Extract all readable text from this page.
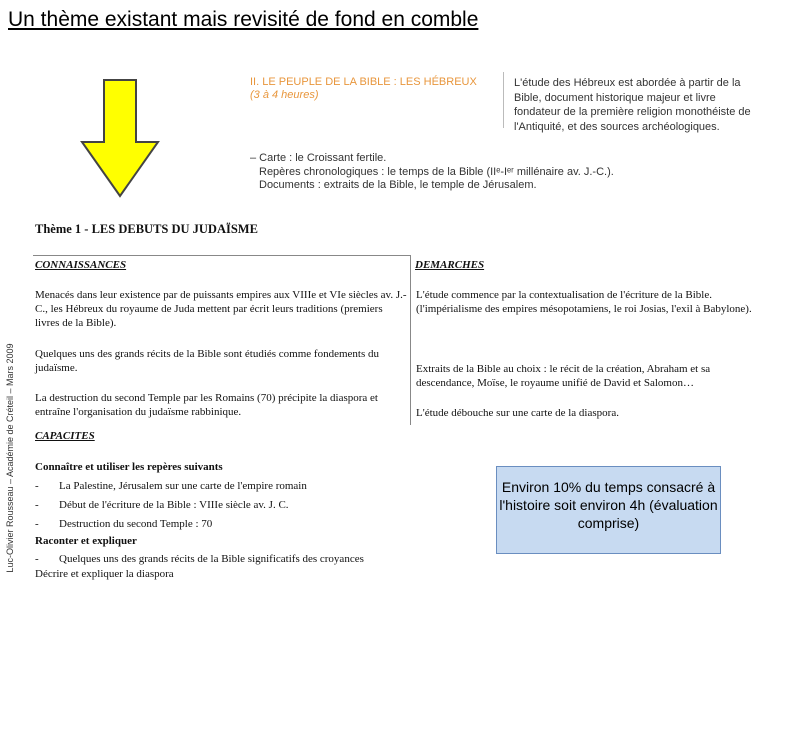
Un thème existant mais revisité de fond en comble
Luc-Olivier Rousseau – Académie de Créteil – Mars 2009
II. LE PEUPLE DE LA BIBLE : LES HÉBREUX
(3 à 4 heures)
L'étude des Hébreux est abordée à partir de la Bible, document historique majeur et livre fondateur de la première religion monothéiste de l'Antiquité, et des sources archéologiques.
– Carte : le Croissant fertile.
Repères chronologiques : le temps de la Bible (IIᵉ-Iᵉʳ millénaire av. J.-C.).
Documents : extraits de la Bible, le temple de Jérusalem.
Thème 1 - LES DEBUTS DU JUDAÏSME
CONNAISSANCES	DEMARCHES
Menacés dans leur existence par de puissants empires aux VIIIe et VIe siècles av. J.-C., les Hébreux du royaume de Juda mettent par écrit leurs traditions (premiers livres de la Bible).
Quelques uns des grands récits de la Bible sont étudiés comme fondements du judaïsme.
La destruction du second Temple par les Romains (70) précipite la diaspora et entraîne l'organisation du judaïsme rabbinique.
L'étude commence par la contextualisation de l'écriture de la Bible. (l'impérialisme des empires mésopotamiens, le roi Josias, l'exil à Babylone).
Extraits de la Bible au choix : le récit de la création, Abraham et sa descendance, Moïse, le royaume unifié de David et Salomon…
L'étude débouche sur une carte de la diaspora.
CAPACITES
Connaître et utiliser les repères suivants
- La Palestine, Jérusalem sur une carte de l'empire romain
- Début de l'écriture de la Bible : VIIIe siècle av. J. C.
- Destruction du second Temple : 70
Raconter et expliquer
- Quelques uns des grands récits de la Bible significatifs des croyances
Décrire et expliquer la diaspora
Environ 10% du temps consacré à l'histoire soit environ 4h (évaluation comprise)
